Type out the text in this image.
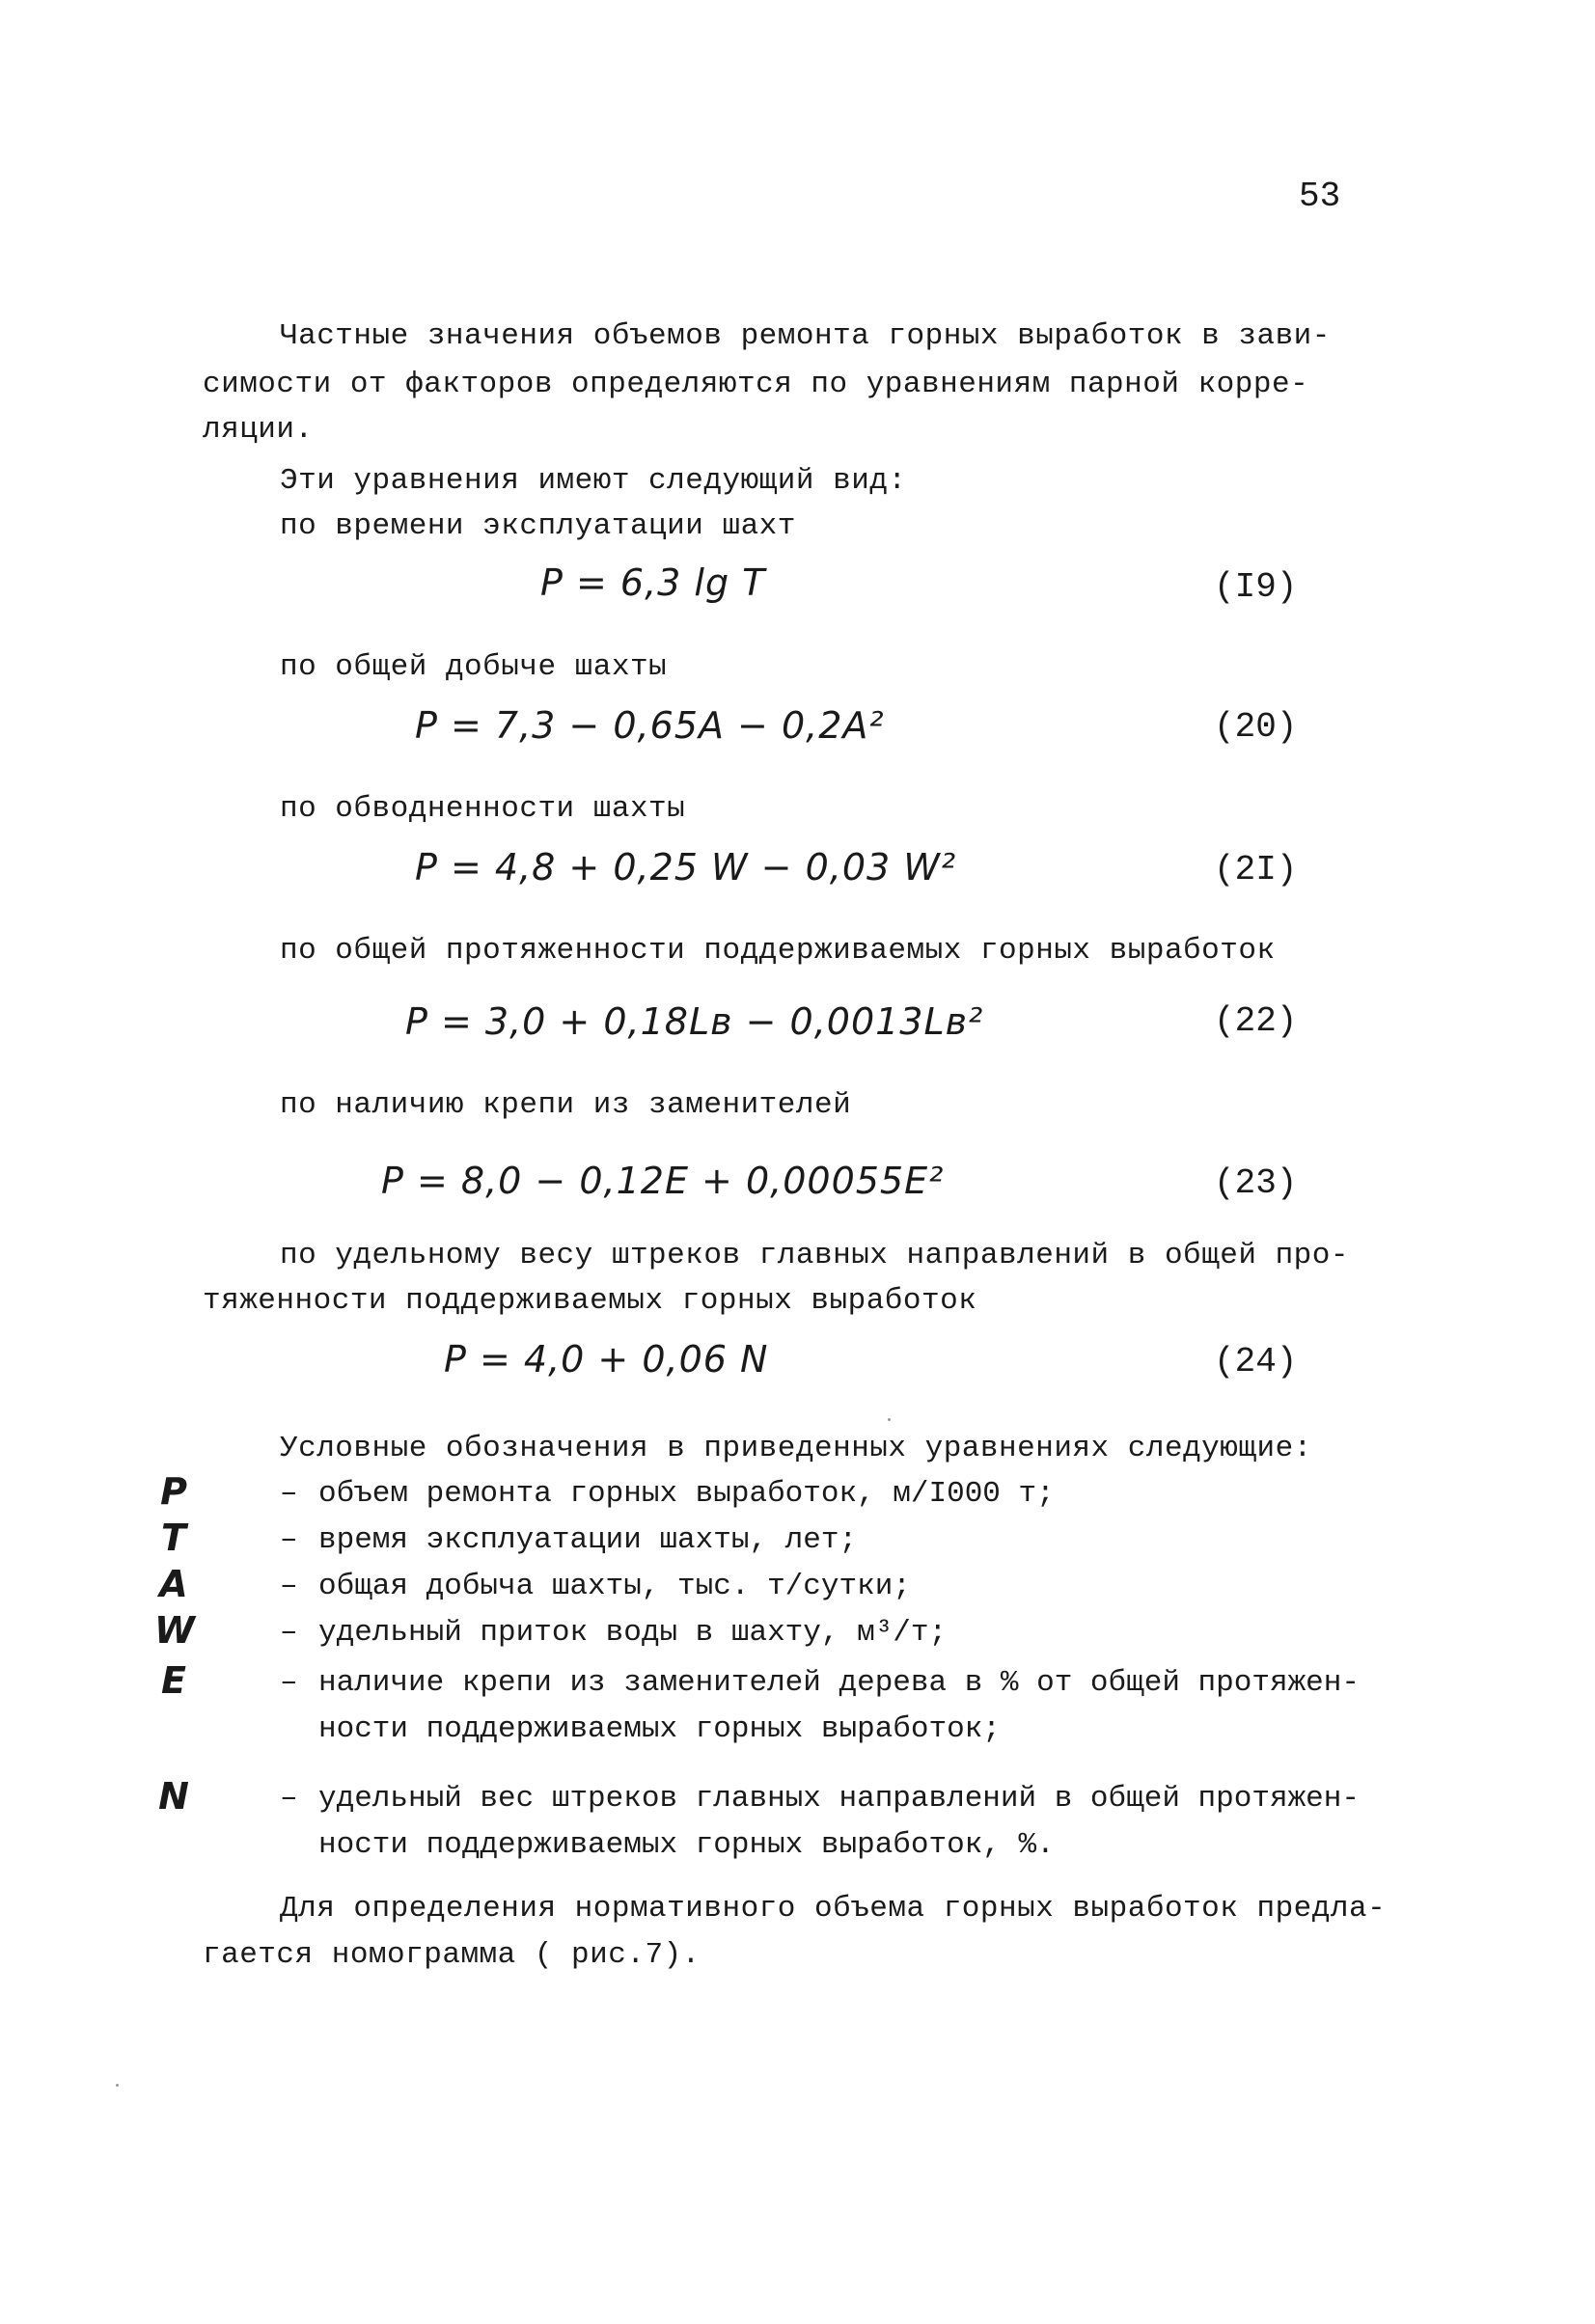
53
Частные значения объемов ремонта горных выработок в зави-
симости от факторов определяются по уравнениям парной корре-
ляции.
Эти уравнения имеют следующий вид:
по времени эксплуатации шахт
P = 6,3 lg T	(I9)
по общей добыче шахты
P = 7,3 − 0,65A − 0,2A²	(20)
по обводненности шахты
P = 4,8 + 0,25 W − 0,03 W²	(2I)
по общей протяженности поддерживаемых горных выработок
P = 3,0 + 0,18Lв − 0,0013Lв²	(22)
по наличию крепи из заменителей
P = 8,0 − 0,12E + 0,00055E²	(23)
по удельному весу штреков главных направлений в общей про-
тяженности поддерживаемых горных выработок
P = 4,0 + 0,06 N	(24)
Условные обозначения в приведенных уравнениях следующие:
P	– объем ремонта горных выработок, м/I000 т;
T	– время эксплуатации шахты, лет;
A	– общая добыча шахты, тыс. т/сутки;
W	– удельный приток воды в шахту, м³/т;
E	– наличие крепи из заменителей дерева в % от общей протяжен-
ности поддерживаемых горных выработок;
N	– удельный вес штреков главных направлений в общей протяжен-
ности поддерживаемых горных выработок, %.
Для определения нормативного объема горных выработок предла-
гается номограмма ( рис.7).
